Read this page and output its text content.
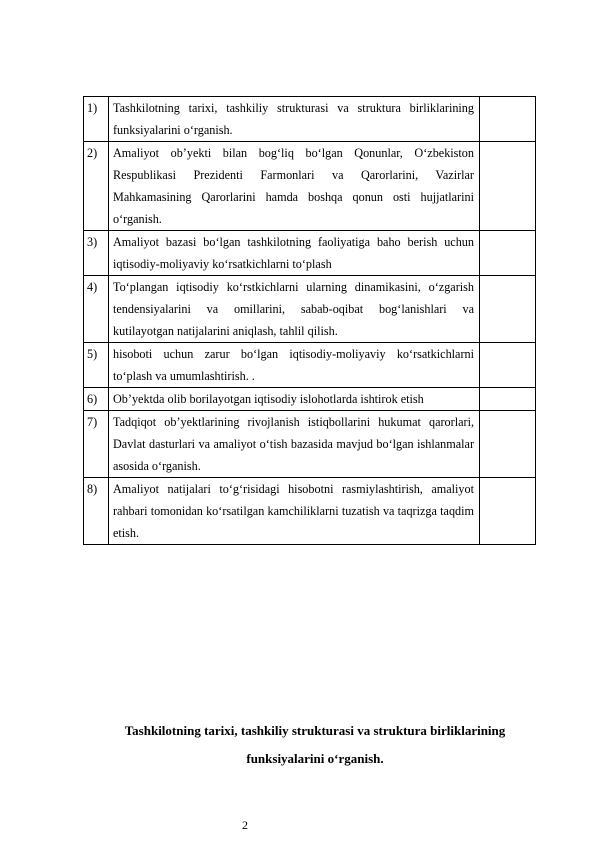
1)	Tashkilotning tarixi, tashkiliy strukturasi va struktura birliklarining funksiyalarini o‘rganish.	
2)	Amaliyot ob’yekti bilan bog‘liq bo‘lgan Qonunlar, O‘zbekiston Respublikasi Prezidenti Farmonlari va Qarorlarini, Vazirlar Mahkamasining Qarorlarini hamda boshqa qonun osti hujjatlarini o‘rganish.	
3)	Amaliyot bazasi bo‘lgan tashkilotning faoliyatiga baho berish uchun iqtisodiy-moliyaviy ko‘rsatkichlarni to‘plash	
4)	To‘plangan iqtisodiy ko‘rstkichlarni ularning dinamikasini, o‘zgarish tendensiyalarini va omillarini, sabab-oqibat bog‘lanishlari va kutilayotgan natijalarini aniqlash, tahlil qilish.	
5)	hisoboti uchun zarur bo‘lgan iqtisodiy-moliyaviy ko‘rsatkichlarni to‘plash va umumlashtirish. .	
6)	Ob’yektda olib borilayotgan iqtisodiy islohotlarda ishtirok etish	
7)	Tadqiqot ob’yektlarining rivojlanish istiqbollarini hukumat qarorlari, Davlat dasturlari va amaliyot o‘tish bazasida mavjud bo‘lgan ishlanmalar asosida o‘rganish.	
8)	Amaliyot natijalari to‘g‘risidagi hisobotni rasmiylashtirish, amaliyot rahbari tomonidan ko‘rsatilgan kamchiliklarni tuzatish va taqrizga taqdim etish.	

Tashkilotning tarixi, tashkiliy strukturasi va struktura birliklarining funksiyalarini o‘rganish.

2
